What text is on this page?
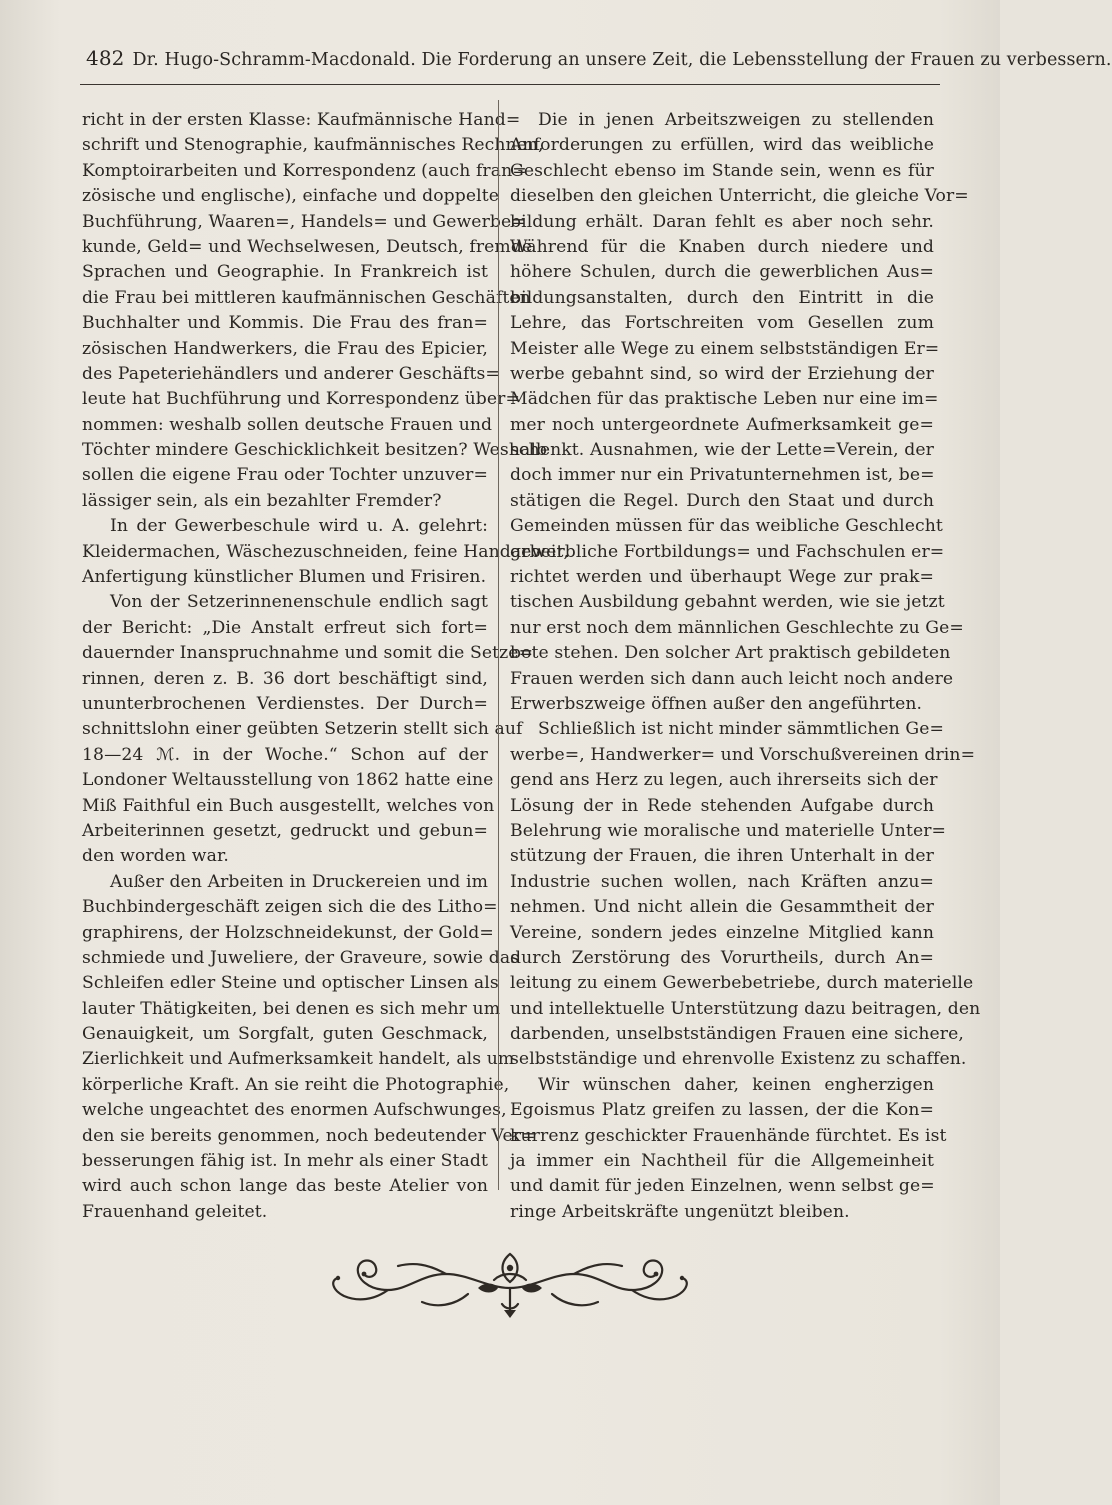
482 Dr. Hugo-Schramm-Macdonald. Die Forderung an unsere Zeit, die Lebensstellung der Frauen zu verbessern.
richt in der ersten Klasse: Kaufmännische Hand=
schrift und Stenographie, kaufmännisches Rechnen,
Komptoirarbeiten und Korrespondenz (auch fran=
zösische und englische), einfache und doppelte
Buchführung, Waaren=, Handels= und Gewerbe=
kunde, Geld= und Wechselwesen, Deutsch, fremde
Sprachen und Geographie. In Frankreich ist
die Frau bei mittleren kaufmännischen Geschäften
Buchhalter und Kommis. Die Frau des fran=
zösischen Handwerkers, die Frau des Epicier,
des Papeteriehändlers und anderer Geschäfts=
leute hat Buchführung und Korrespondenz über=
nommen: weshalb sollen deutsche Frauen und
Töchter mindere Geschicklichkeit besitzen? Weshalb
sollen die eigene Frau oder Tochter unzuver=
lässiger sein, als ein bezahlter Fremder?
In der Gewerbeschule wird u. A. gelehrt:
Kleidermachen, Wäschezuschneiden, feine Handarbeit,
Anfertigung künstlicher Blumen und Frisiren.
Von der Setzerinnenenschule endlich sagt
der Bericht: „Die Anstalt erfreut sich fort=
dauernder Inanspruchnahme und somit die Setze=
rinnen, deren z. B. 36 dort beschäftigt sind,
ununterbrochenen Verdienstes. Der Durch=
schnittslohn einer geübten Setzerin stellt sich auf
18—24 ℳ. in der Woche.“ Schon auf der
Londoner Weltausstellung von 1862 hatte eine
Miß Faithful ein Buch ausgestellt, welches von
Arbeiterinnen gesetzt, gedruckt und gebun=
den worden war.
Außer den Arbeiten in Druckereien und im
Buchbindergeschäft zeigen sich die des Litho=
graphirens, der Holzschneidekunst, der Gold=
schmiede und Juweliere, der Graveure, sowie das
Schleifen edler Steine und optischer Linsen als
lauter Thätigkeiten, bei denen es sich mehr um
Genauigkeit, um Sorgfalt, guten Geschmack,
Zierlichkeit und Aufmerksamkeit handelt, als um
körperliche Kraft. An sie reiht die Photographie,
welche ungeachtet des enormen Aufschwunges,
den sie bereits genommen, noch bedeutender Ver=
besserungen fähig ist. In mehr als einer Stadt
wird auch schon lange das beste Atelier von
Frauenhand geleitet.
Die in jenen Arbeitszweigen zu stellenden
Anforderungen zu erfüllen, wird das weibliche
Geschlecht ebenso im Stande sein, wenn es für
dieselben den gleichen Unterricht, die gleiche Vor=
bildung erhält. Daran fehlt es aber noch sehr.
Während für die Knaben durch niedere und
höhere Schulen, durch die gewerblichen Aus=
bildungsanstalten, durch den Eintritt in die
Lehre, das Fortschreiten vom Gesellen zum
Meister alle Wege zu einem selbstständigen Er=
werbe gebahnt sind, so wird der Erziehung der
Mädchen für das praktische Leben nur eine im=
mer noch untergeordnete Aufmerksamkeit ge=
schenkt. Ausnahmen, wie der Lette=Verein, der
doch immer nur ein Privatunternehmen ist, be=
stätigen die Regel. Durch den Staat und durch
Gemeinden müssen für das weibliche Geschlecht
gewerbliche Fortbildungs= und Fachschulen er=
richtet werden und überhaupt Wege zur prak=
tischen Ausbildung gebahnt werden, wie sie jetzt
nur erst noch dem männlichen Geschlechte zu Ge=
bote stehen. Den solcher Art praktisch gebildeten
Frauen werden sich dann auch leicht noch andere
Erwerbszweige öffnen außer den angeführten.
Schließlich ist nicht minder sämmtlichen Ge=
werbe=, Handwerker= und Vorschußvereinen drin=
gend ans Herz zu legen, auch ihrerseits sich der
Lösung der in Rede stehenden Aufgabe durch
Belehrung wie moralische und materielle Unter=
stützung der Frauen, die ihren Unterhalt in der
Industrie suchen wollen, nach Kräften anzu=
nehmen. Und nicht allein die Gesammtheit der
Vereine, sondern jedes einzelne Mitglied kann
durch Zerstörung des Vorurtheils, durch An=
leitung zu einem Gewerbebetriebe, durch materielle
und intellektuelle Unterstützung dazu beitragen, den
darbenden, unselbstständigen Frauen eine sichere,
selbstständige und ehrenvolle Existenz zu schaffen.
Wir wünschen daher, keinen engherzigen
Egoismus Platz greifen zu lassen, der die Kon=
kurrenz geschickter Frauenhände fürchtet. Es ist
ja immer ein Nachtheil für die Allgemeinheit
und damit für jeden Einzelnen, wenn selbst ge=
ringe Arbeitskräfte ungenützt bleiben.
